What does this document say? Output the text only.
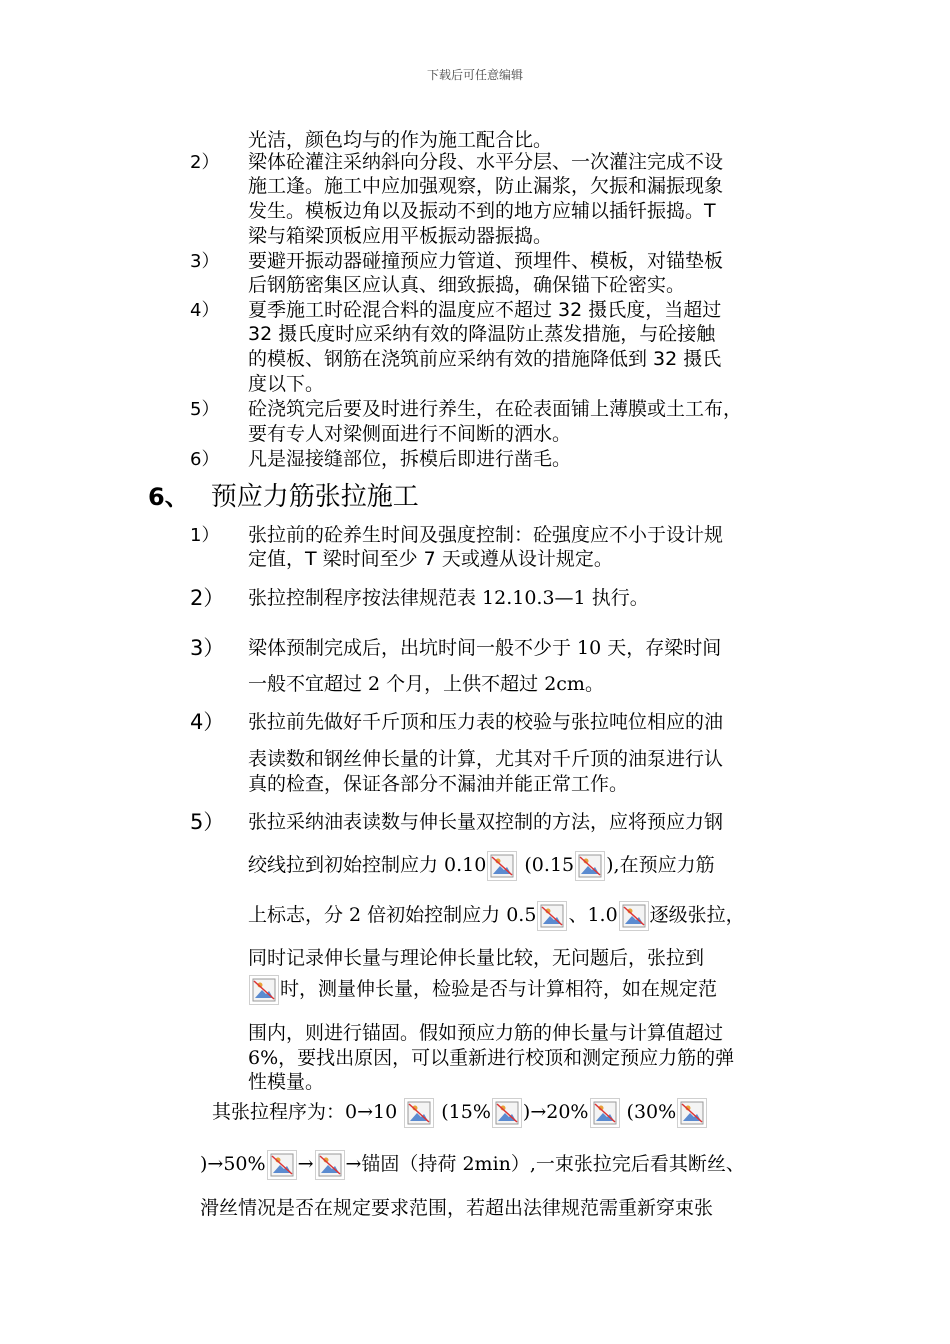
下载后可任意编辑
光洁，颜色均与的作为施工配合比。
2） 梁体砼灌注采纳斜向分段、水平分层、一次灌注完成不设
施工逢。施工中应加强观察，防止漏浆，欠振和漏振现象
发生。模板边角以及振动不到的地方应辅以插钎振捣。T
梁与箱梁顶板应用平板振动器振捣。
3） 要避开振动器碰撞预应力管道、预埋件、模板，对锚垫板
后钢筋密集区应认真、细致振捣，确保锚下砼密实。
4） 夏季施工时砼混合料的温度应不超过 32 摄氏度，当超过
32 摄氏度时应采纳有效的降温防止蒸发措施，与砼接触
的模板、钢筋在浇筑前应采纳有效的措施降低到 32 摄氏
度以下。
5） 砼浇筑完后要及时进行养生，在砼表面铺上薄膜或土工布，
要有专人对梁侧面进行不间断的洒水。
6） 凡是湿接缝部位，拆模后即进行凿毛。
6、 预应力筋张拉施工
1） 张拉前的砼养生时间及强度控制：砼强度应不小于设计规
定值，T 梁时间至少 7 天或遵从设计规定。
2） 张拉控制程序按法律规范表 12.10.3—1 执行。
3） 梁体预制完成后，出坑时间一般不少于 10 天，存梁时间
一般不宜超过 2 个月，上供不超过 2cm。
4） 张拉前先做好千斤顶和压力表的校验与张拉吨位相应的油
表读数和钢丝伸长量的计算，尤其对千斤顶的油泵进行认
真的检查，保证各部分不漏油并能正常工作。
5） 张拉采纳油表读数与伸长量双控制的方法，应将预应力钢
绞线拉到初始控制应力 0.10
(0.15 ),在预应力筋
上标志，分 2 倍初始控制应力 0.5 、1.0 逐级张拉，
同时记录伸长量与理论伸长量比较，无问题后，张拉到
时，测量伸长量，检验是否与计算相符，如在规定范
围内，则进行锚固。假如预应力筋的伸长量与计算值超过
6%，要找出原因，可以重新进行校顶和测定预应力筋的弹
性模量。
其张拉程序为：0→10
(15% )→20%
(30%
)→50% → →锚固（持荷 2min）,一束张拉完后看其断丝、
滑丝情况是否在规定要求范围，若超出法律规范需重新穿束张
